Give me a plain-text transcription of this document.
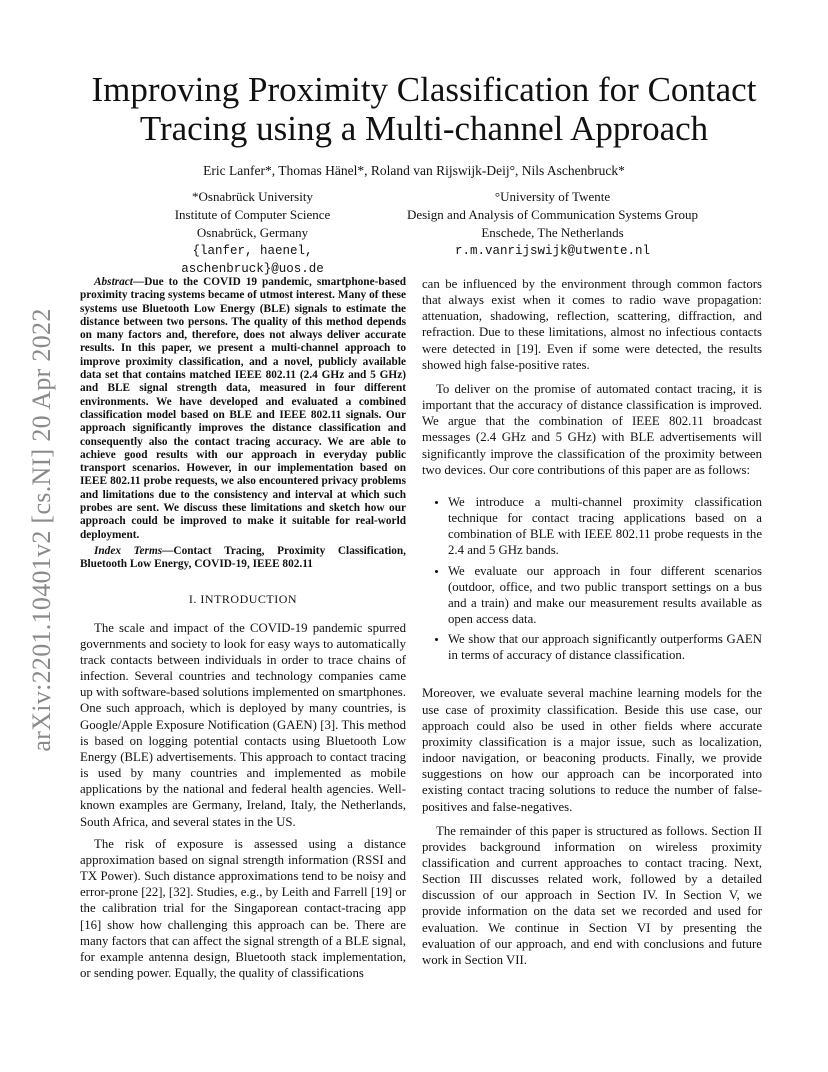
arXiv:2201.10401v2 [cs.NI] 20 Apr 2022
Improving Proximity Classification for Contact
Tracing using a Multi-channel Approach
Eric Lanfer*, Thomas Hänel*, Roland van Rijswijk-Deij°, Nils Aschenbruck*
*Osnabrück University
Institute of Computer Science
Osnabrück, Germany
{lanfer, haenel, aschenbruck}@uos.de
°University of Twente
Design and Analysis of Communication Systems Group
Enschede, The Netherlands
r.m.vanrijswijk@utwente.nl

Abstract—Due to the COVID 19 pandemic, smartphone-based proximity tracing systems became of utmost interest. Many of these systems use Bluetooth Low Energy (BLE) signals to estimate the distance between two persons. The quality of this method depends on many factors and, therefore, does not always deliver accurate results. In this paper, we present a multi-channel approach to improve proximity classification, and a novel, publicly available data set that contains matched IEEE 802.11 (2.4 GHz and 5 GHz) and BLE signal strength data, measured in four different environments. We have developed and evaluated a combined classification model based on BLE and IEEE 802.11 signals. Our approach significantly improves the distance classification and consequently also the contact tracing accuracy. We are able to achieve good results with our approach in everyday public transport scenarios. However, in our implementation based on IEEE 802.11 probe requests, we also encountered privacy problems and limitations due to the consistency and interval at which such probes are sent. We discuss these limitations and sketch how our approach could be improved to make it suitable for real-world deployment.

Index Terms—Contact Tracing, Proximity Classification, Bluetooth Low Energy, COVID-19, IEEE 802.11

I. INTRODUCTION

The scale and impact of the COVID-19 pandemic spurred governments and society to look for easy ways to automatically track contacts between individuals in order to trace chains of infection. Several countries and technology companies came up with software-based solutions implemented on smartphones. One such approach, which is deployed by many countries, is Google/Apple Exposure Notification (GAEN) [3]. This method is based on logging potential contacts using Bluetooth Low Energy (BLE) advertisements. This approach to contact tracing is used by many countries and implemented as mobile applications by the national and federal health agencies. Well-known examples are Germany, Ireland, Italy, the Netherlands, South Africa, and several states in the US.

The risk of exposure is assessed using a distance approximation based on signal strength information (RSSI and TX Power). Such distance approximations tend to be noisy and error-prone [22], [32]. Studies, e.g., by Leith and Farrell [19] or the calibration trial for the Singaporean contact-tracing app [16] show how challenging this approach can be. There are many factors that can affect the signal strength of a BLE signal, for example antenna design, Bluetooth stack implementation, or sending power. Equally, the quality of classifications

can be influenced by the environment through common factors that always exist when it comes to radio wave propagation: attenuation, shadowing, reflection, scattering, diffraction, and refraction. Due to these limitations, almost no infectious contacts were detected in [19]. Even if some were detected, the results showed high false-positive rates.

To deliver on the promise of automated contact tracing, it is important that the accuracy of distance classification is improved. We argue that the combination of IEEE 802.11 broadcast messages (2.4 GHz and 5 GHz) with BLE advertisements will significantly improve the classification of the proximity between two devices. Our core contributions of this paper are as follows:

• We introduce a multi-channel proximity classification technique for contact tracing applications based on a combination of BLE with IEEE 802.11 probe requests in the 2.4 and 5 GHz bands.
• We evaluate our approach in four different scenarios (outdoor, office, and two public transport settings on a bus and a train) and make our measurement results available as open access data.
• We show that our approach significantly outperforms GAEN in terms of accuracy of distance classification.

Moreover, we evaluate several machine learning models for the use case of proximity classification. Beside this use case, our approach could also be used in other fields where accurate proximity classification is a major issue, such as localization, indoor navigation, or beaconing products. Finally, we provide suggestions on how our approach can be incorporated into existing contact tracing solutions to reduce the number of false-positives and false-negatives.

The remainder of this paper is structured as follows. Section II provides background information on wireless proximity classification and current approaches to contact tracing. Next, Section III discusses related work, followed by a detailed discussion of our approach in Section IV. In Section V, we provide information on the data set we recorded and used for evaluation. We continue in Section VI by presenting the evaluation of our approach, and end with conclusions and future work in Section VII.
